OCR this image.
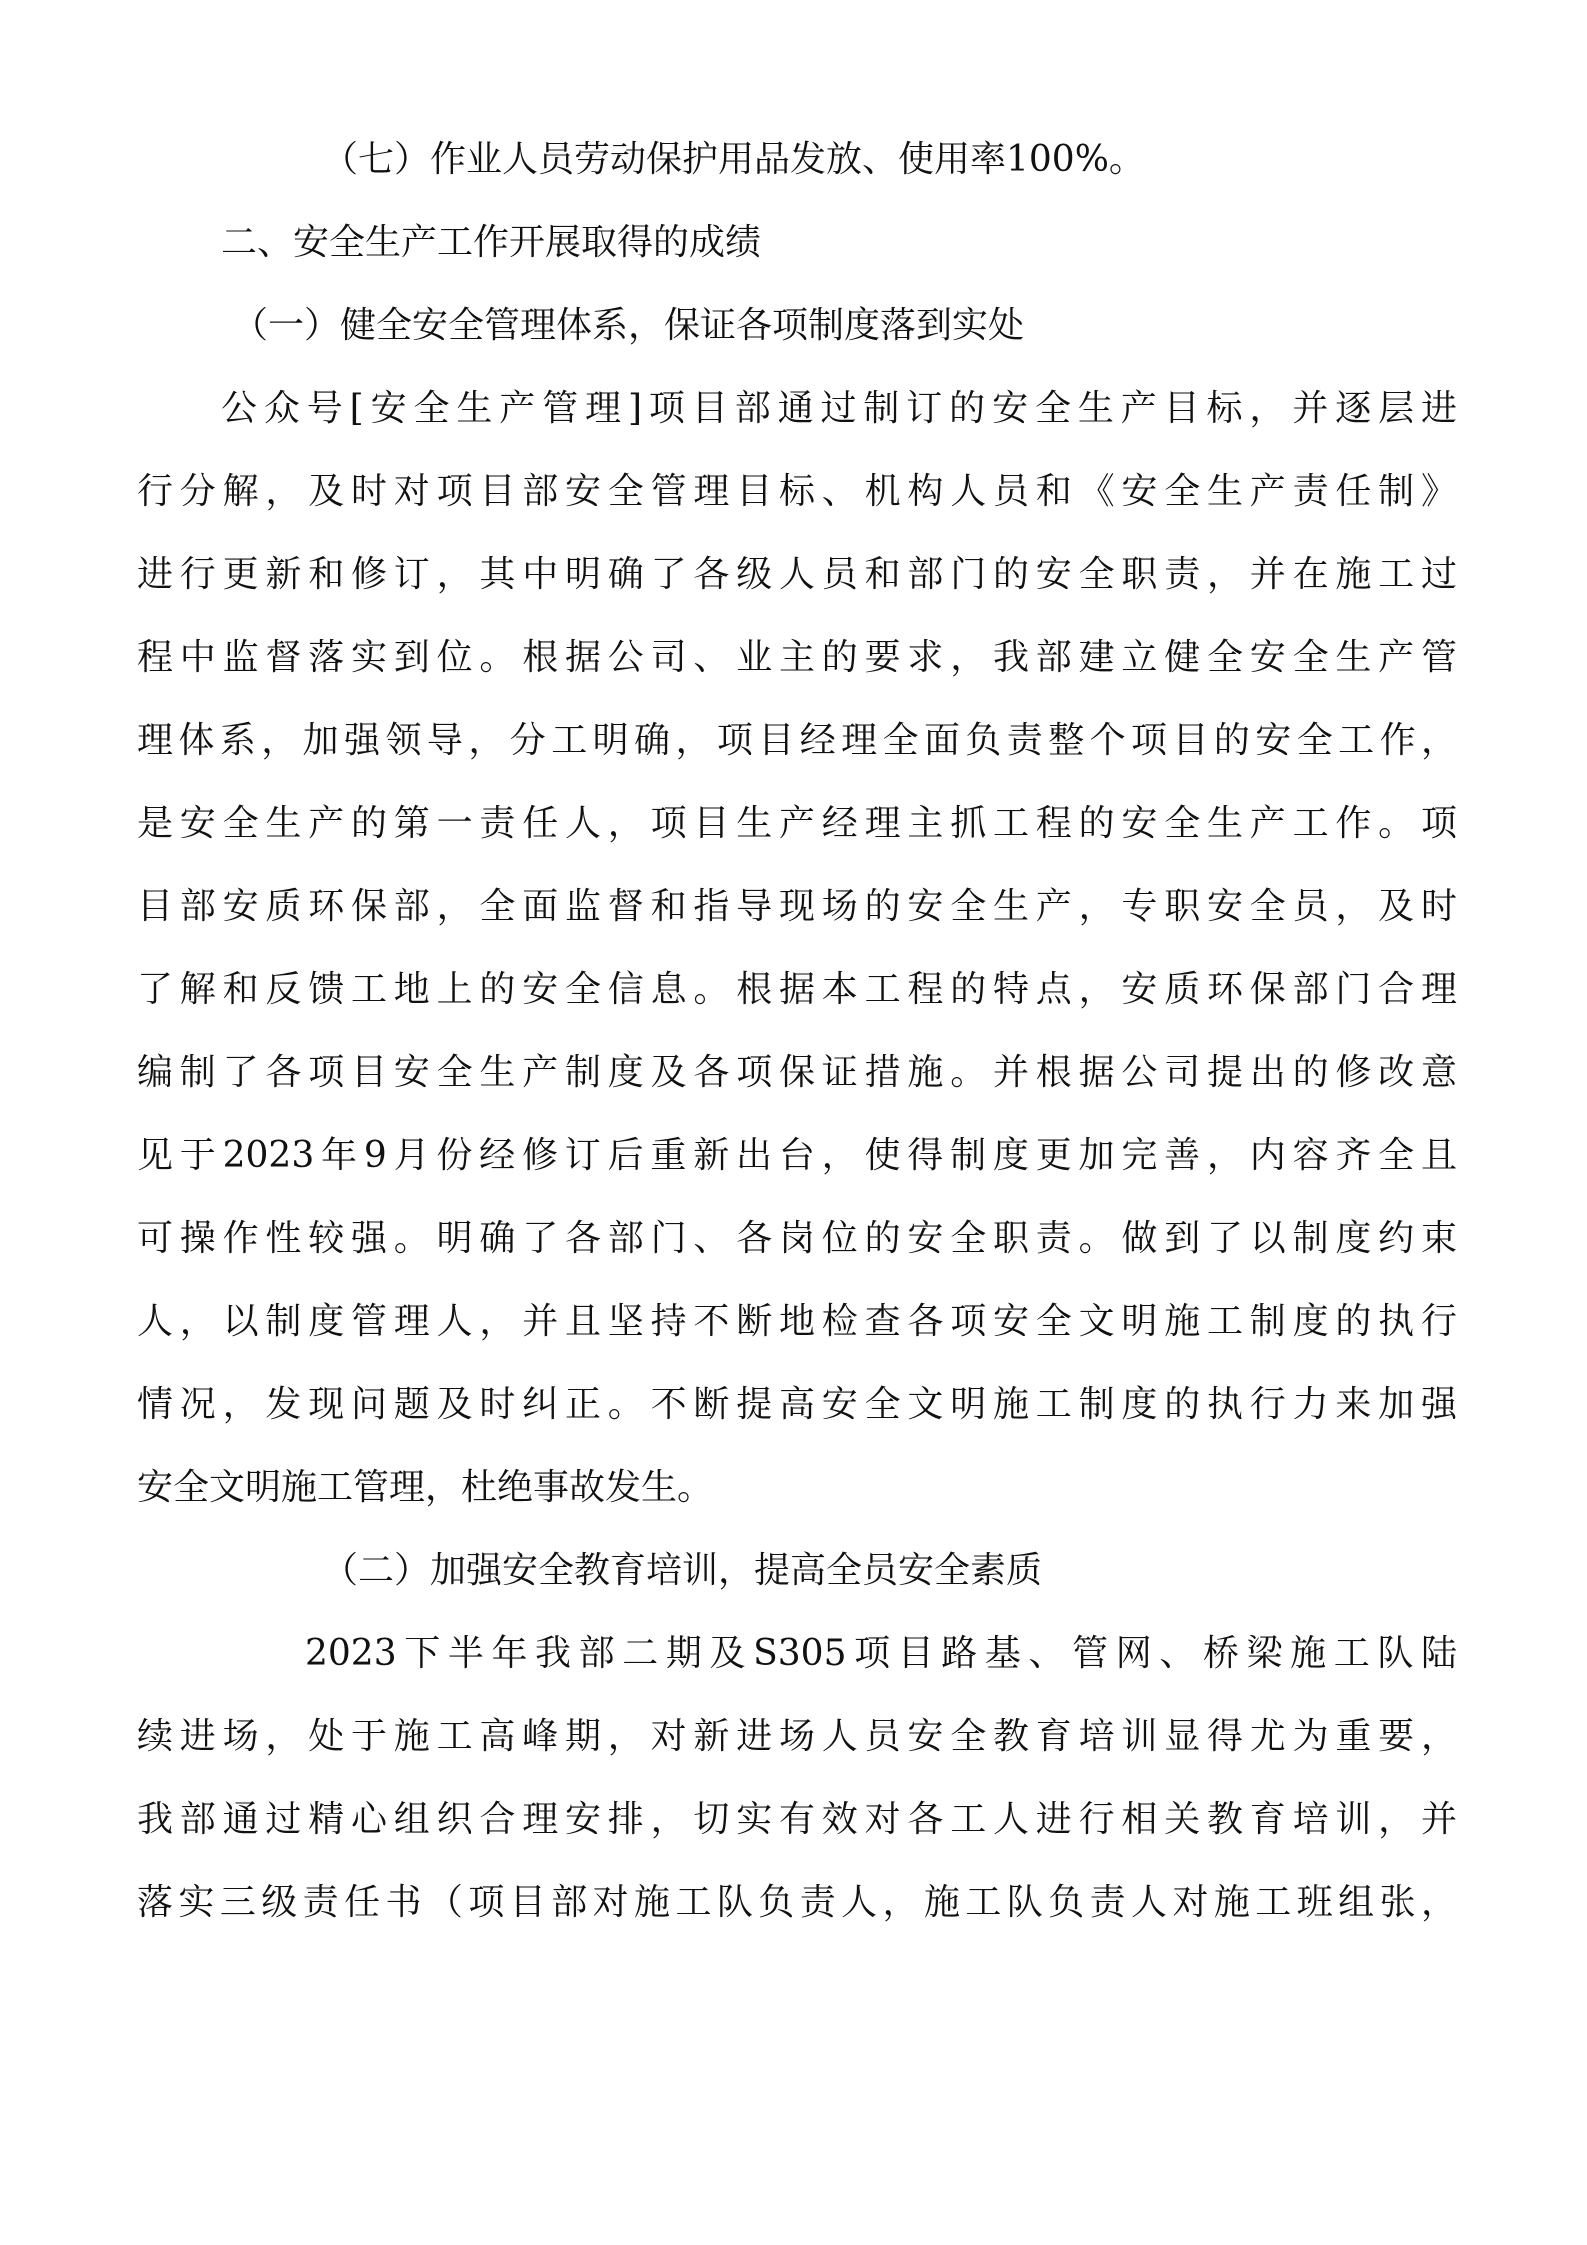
（七）作业人员劳动保护用品发放、使用率100%。

二、安全生产工作开展取得的成绩

（一）健全安全管理体系，保证各项制度落到实处

公众号[安全生产管理]项目部通过制订的安全生产目标，并逐层进

行分解，及时对项目部安全管理目标、机构人员和《安全生产责任制》

进行更新和修订，其中明确了各级人员和部门的安全职责，并在施工过

程中监督落实到位。根据公司、业主的要求，我部建立健全安全生产管

理体系，加强领导，分工明确，项目经理全面负责整个项目的安全工作，

是安全生产的第一责任人，项目生产经理主抓工程的安全生产工作。项

目部安质环保部，全面监督和指导现场的安全生产，专职安全员，及时

了解和反馈工地上的安全信息。根据本工程的特点，安质环保部门合理

编制了各项目安全生产制度及各项保证措施。并根据公司提出的修改意

见于2023年9月份经修订后重新出台，使得制度更加完善，内容齐全且

可操作性较强。明确了各部门、各岗位的安全职责。做到了以制度约束

人，以制度管理人，并且坚持不断地检查各项安全文明施工制度的执行

情况，发现问题及时纠正。不断提高安全文明施工制度的执行力来加强

安全文明施工管理，杜绝事故发生。

（二）加强安全教育培训，提高全员安全素质

2023下半年我部二期及S305项目路基、管网、桥梁施工队陆

续进场，处于施工高峰期，对新进场人员安全教育培训显得尤为重要，

我部通过精心组织合理安排，切实有效对各工人进行相关教育培训，并

落实三级责任书（项目部对施工队负责人，施工队负责人对施工班组张，
